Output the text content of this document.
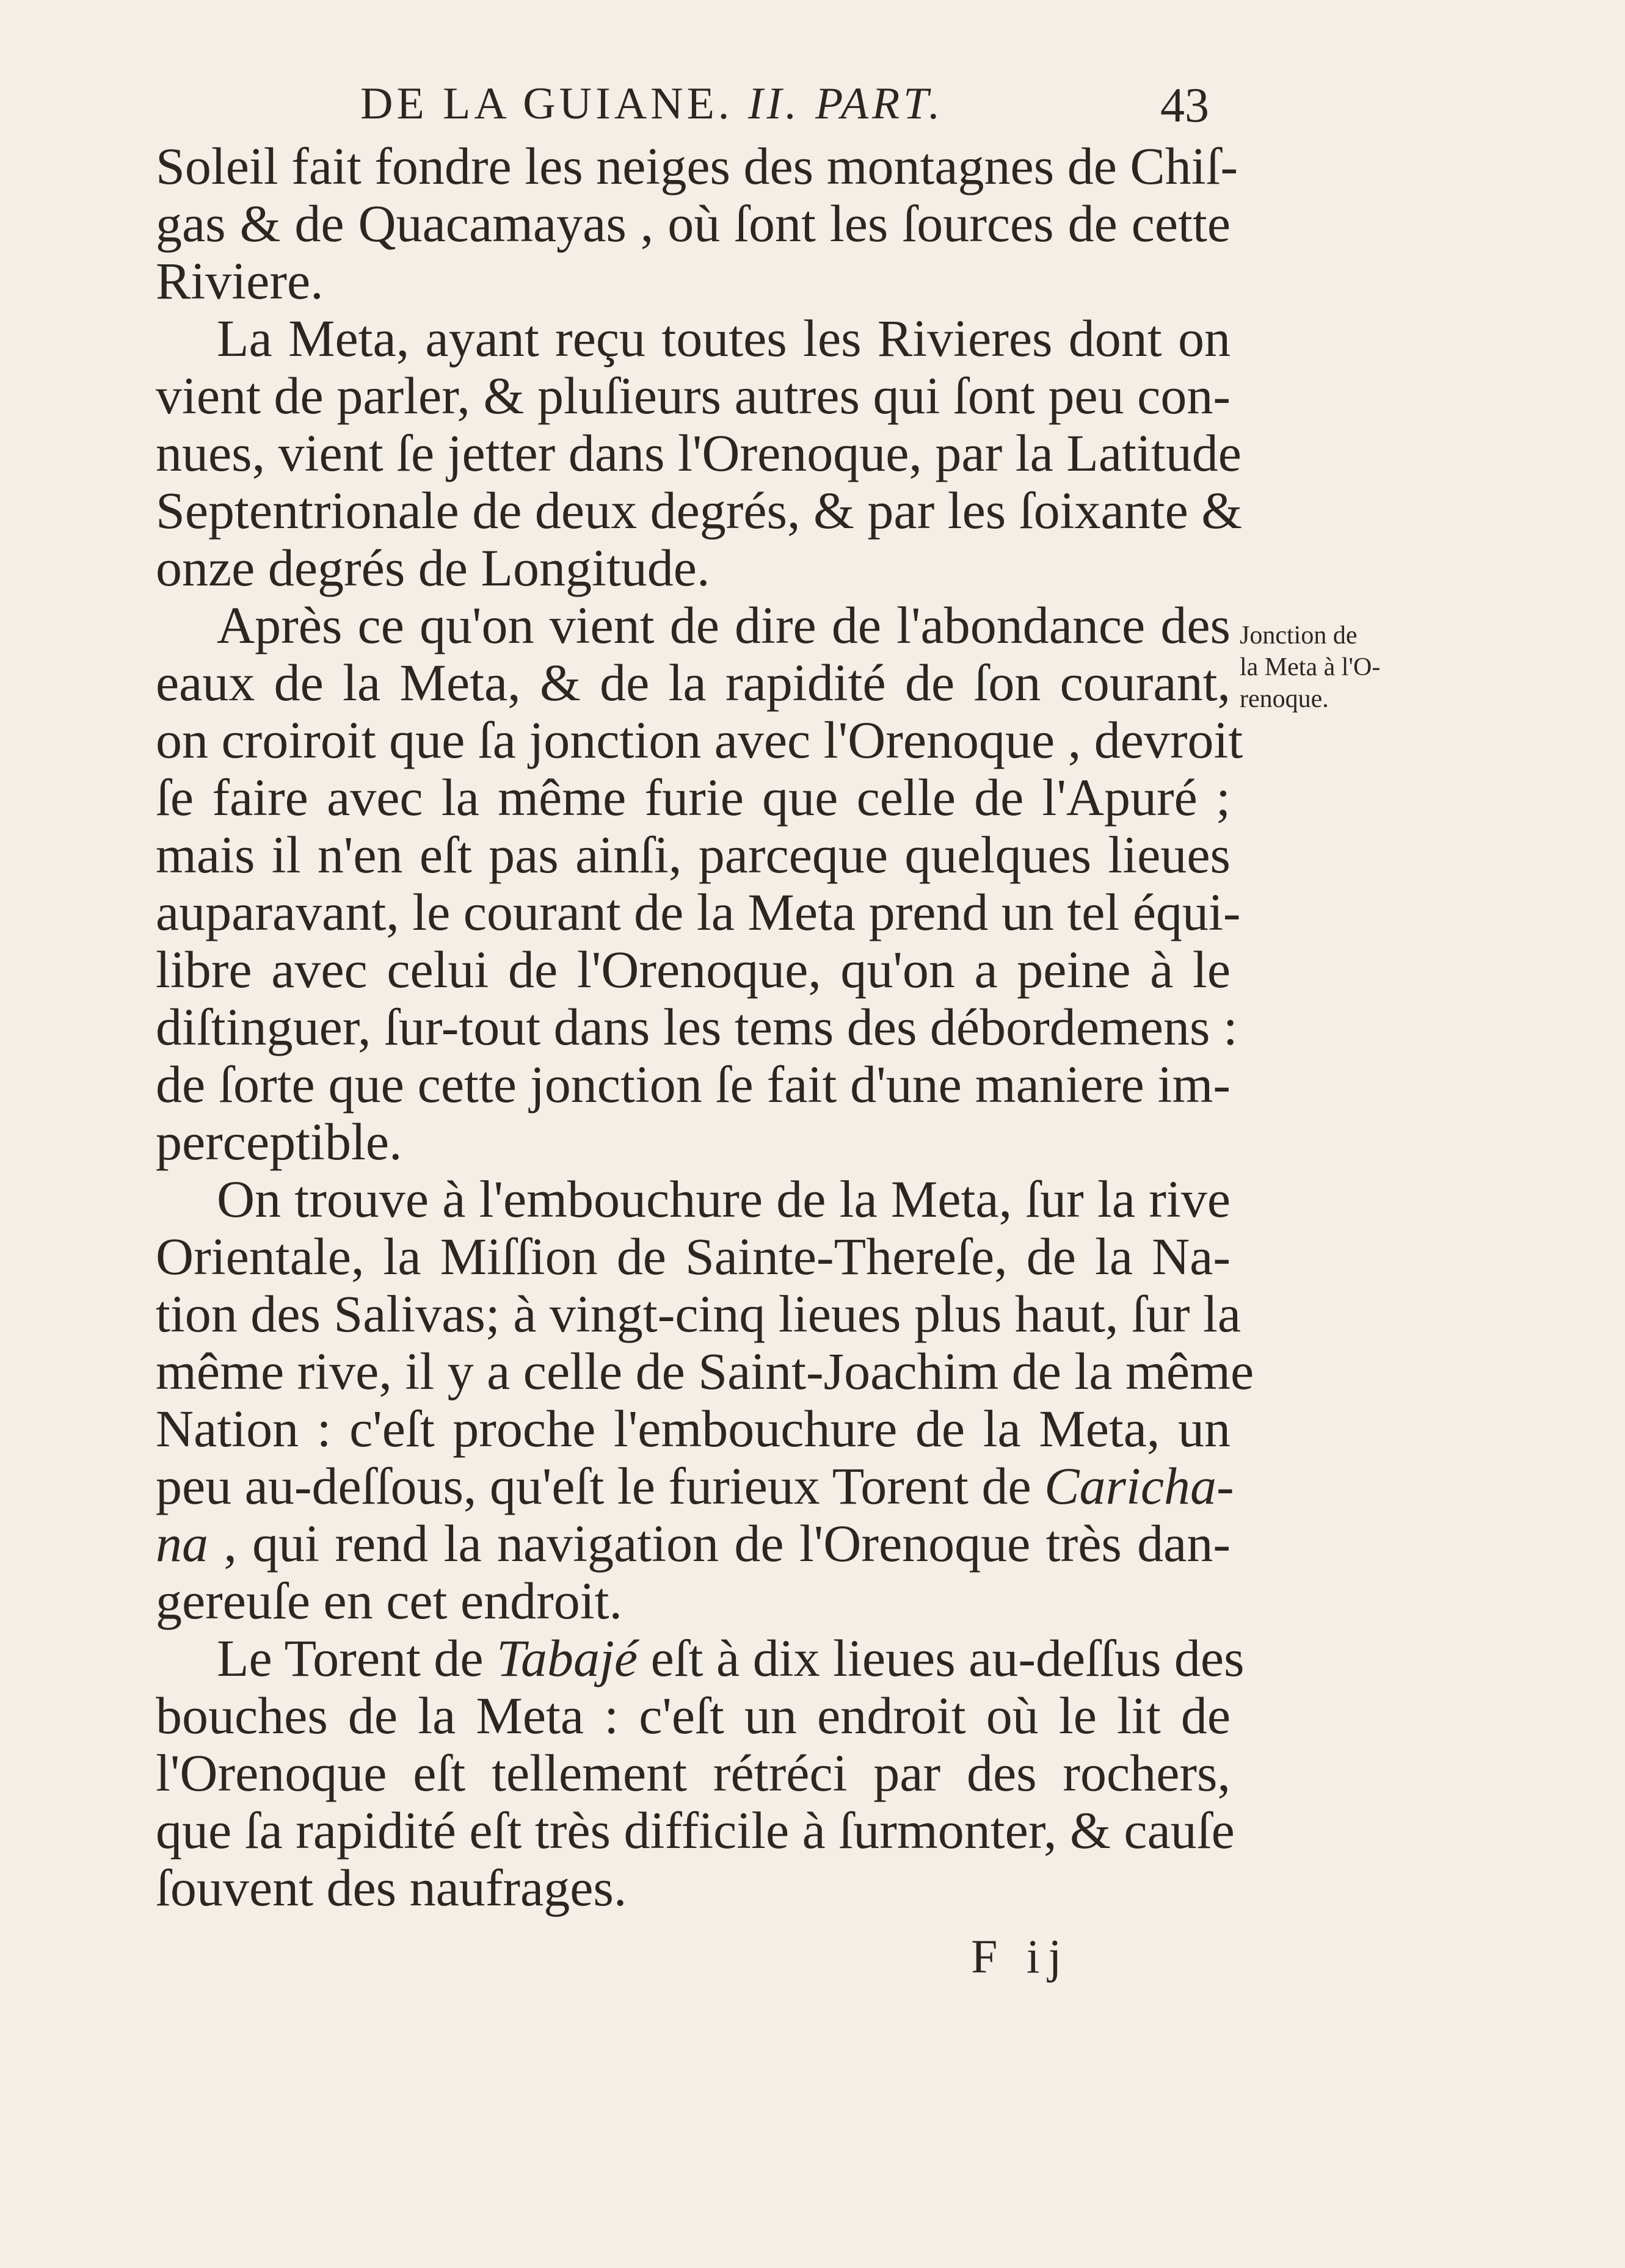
DE LA GUIANE. II. PART.	43
Soleil fait fondre les neiges des montagnes de Chiſ-
gas & de Quacamayas , où ſont les ſources de cette
Riviere.
La Meta, ayant reçu toutes les Rivieres dont on
vient de parler, & pluſieurs autres qui ſont peu con-
nues, vient ſe jetter dans l'Orenoque, par la Latitude
Septentrionale de deux degrés, & par les ſoixante &
onze degrés de Longitude.
Après ce qu'on vient de dire de l'abondance des
eaux de la Meta, & de la rapidité de ſon courant,
on croiroit que ſa jonction avec l'Orenoque , devroit
ſe faire avec la même furie que celle de l'Apuré ;
mais il n'en eſt pas ainſi, parceque quelques lieues
auparavant, le courant de la Meta prend un tel équi-
libre avec celui de l'Orenoque, qu'on a peine à le
diſtinguer, ſur-tout dans les tems des débordemens :
de ſorte que cette jonction ſe fait d'une maniere im-
perceptible.
On trouve à l'embouchure de la Meta, ſur la rive
Orientale, la Miſſion de Sainte-Thereſe, de la Na-
tion des Salivas; à vingt-cinq lieues plus haut, ſur la
même rive, il y a celle de Saint-Joachim de la même
Nation : c'eſt proche l'embouchure de la Meta, un
peu au-deſſous, qu'eſt le furieux Torent de Caricha-
na , qui rend la navigation de l'Orenoque très dan-
gereuſe en cet endroit.
Le Torent de Tabajé eſt à dix lieues au-deſſus des
bouches de la Meta : c'eſt un endroit où le lit de
l'Orenoque eſt tellement rétréci par des rochers,
que ſa rapidité eſt très difficile à ſurmonter, & cauſe
ſouvent des naufrages.
Jonction de
la Meta à l'O-
renoque.
F ij
